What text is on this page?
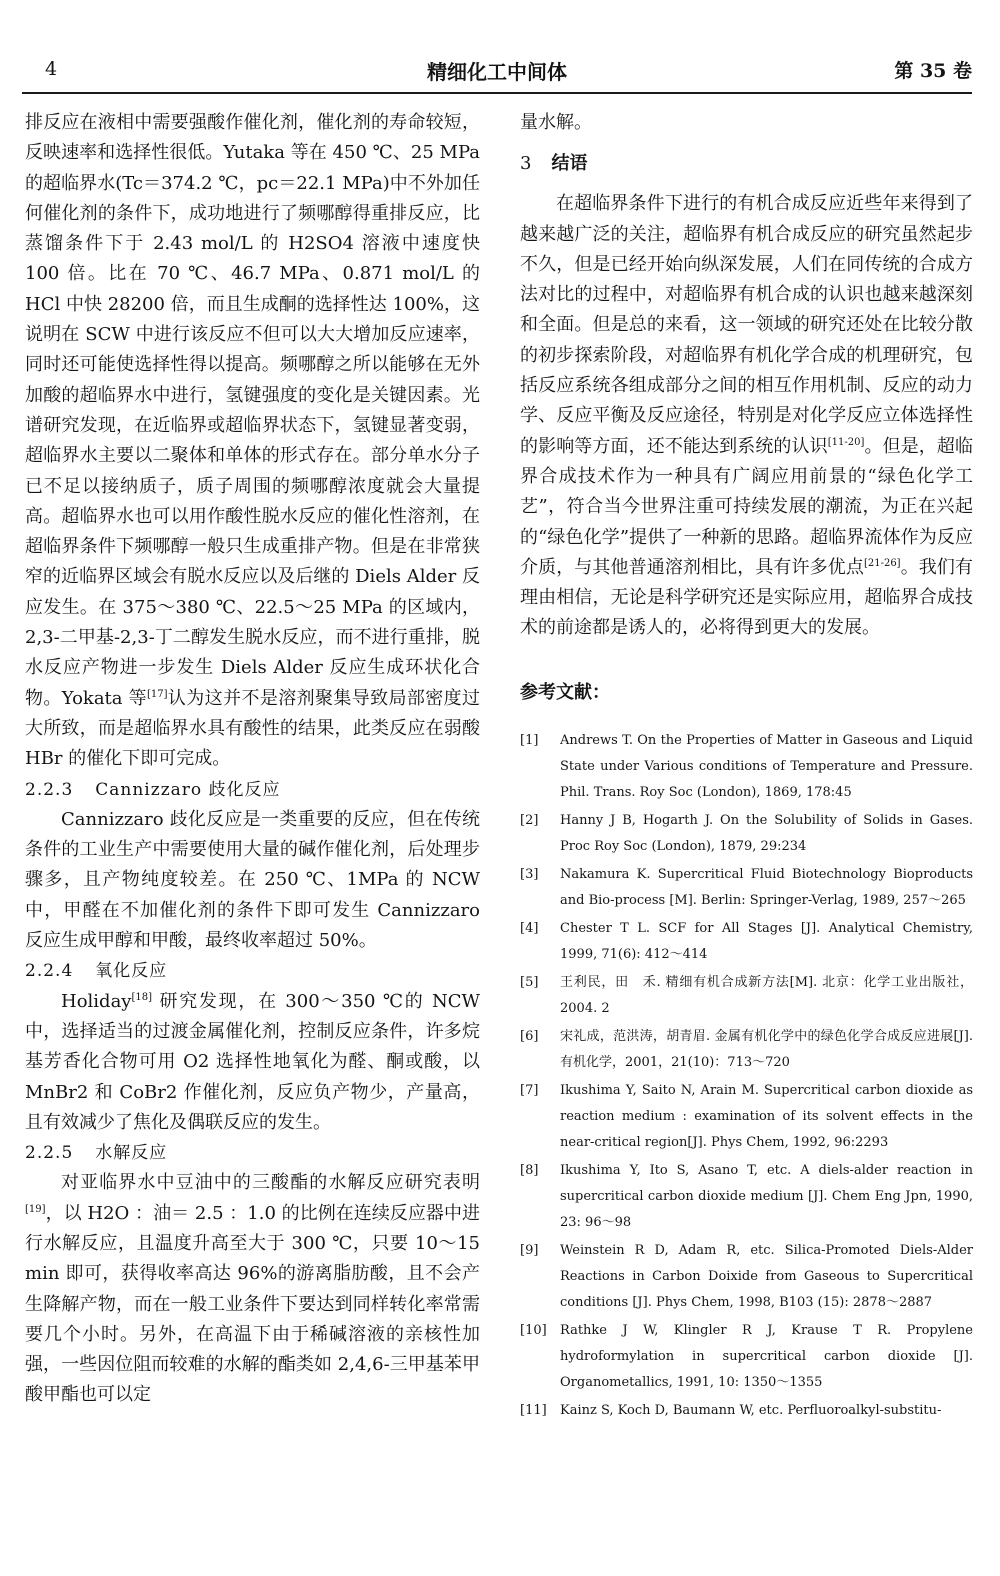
4	精细化工中间体	第 35 卷

排反应在液相中需要强酸作催化剂，催化剂的寿命较短，反映速率和选择性很低。Yutaka 等在 450 ℃、25 MPa 的超临界水(Tc＝374.2 ℃，pc＝22.1 MPa)中不外加任何催化剂的条件下，成功地进行了频哪醇得重排反应，比蒸馏条件下于 2.43 mol/L 的 H2SO4 溶液中速度快 100 倍。比在 70 ℃、46.7 MPa、0.871 mol/L 的 HCl 中快 28200 倍，而且生成酮的选择性达 100%，这说明在 SCW 中进行该反应不但可以大大增加反应速率，同时还可能使选择性得以提高。频哪醇之所以能够在无外加酸的超临界水中进行，氢键强度的变化是关键因素。光谱研究发现，在近临界或超临界状态下，氢键显著变弱，超临界水主要以二聚体和单体的形式存在。部分单水分子已不足以接纳质子，质子周围的频哪醇浓度就会大量提高。超临界水也可以用作酸性脱水反应的催化性溶剂，在超临界条件下频哪醇一般只生成重排产物。但是在非常狭窄的近临界区域会有脱水反应以及后继的 Diels Alder 反应发生。在 375～380 ℃、22.5～25 MPa 的区域内，2,3-二甲基-2,3-丁二醇发生脱水反应，而不进行重排，脱水反应产物进一步发生 Diels Alder 反应生成环状化合物。Yokata 等[17]认为这并不是溶剂聚集导致局部密度过大所致，而是超临界水具有酸性的结果，此类反应在弱酸 HBr 的催化下即可完成。

2.2.3 Cannizzaro 歧化反应

Cannizzaro 歧化反应是一类重要的反应，但在传统条件的工业生产中需要使用大量的碱作催化剂，后处理步骤多，且产物纯度较差。在 250 ℃、1MPa 的 NCW 中，甲醛在不加催化剂的条件下即可发生 Cannizzaro 反应生成甲醇和甲酸，最终收率超过 50%。

2.2.4 氧化反应

Holiday[18] 研究发现，在 300～350 ℃的 NCW 中，选择适当的过渡金属催化剂，控制反应条件，许多烷基芳香化合物可用 O2 选择性地氧化为醛、酮或酸，以 MnBr2 和 CoBr2 作催化剂，反应负产物少，产量高，且有效减少了焦化及偶联反应的发生。

2.2.5 水解反应

对亚临界水中豆油中的三酸酯的水解反应研究表明[19]，以 H2O ：油＝ 2.5 ：1.0 的比例在连续反应器中进行水解反应，且温度升高至大于 300 ℃，只要 10～15 min 即可，获得收率高达 96%的游离脂肪酸，且不会产生降解产物，而在一般工业条件下要达到同样转化率常需要几个小时。另外，在高温下由于稀碱溶液的亲核性加强，一些因位阻而较难的水解的酯类如 2,4,6-三甲基苯甲酸甲酯也可以定

量水解。

3 结语

在超临界条件下进行的有机合成反应近些年来得到了越来越广泛的关注，超临界有机合成反应的研究虽然起步不久，但是已经开始向纵深发展，人们在同传统的合成方法对比的过程中，对超临界有机合成的认识也越来越深刻和全面。但是总的来看，这一领域的研究还处在比较分散的初步探索阶段，对超临界有机化学合成的机理研究，包括反应系统各组成部分之间的相互作用机制、反应的动力学、反应平衡及反应途径，特别是对化学反应立体选择性的影响等方面，还不能达到系统的认识[11-20]。但是，超临界合成技术作为一种具有广阔应用前景的“绿色化学工艺”，符合当今世界注重可持续发展的潮流，为正在兴起的“绿色化学”提供了一种新的思路。超临界流体作为反应介质，与其他普通溶剂相比，具有许多优点[21-26]。我们有理由相信，无论是科学研究还是实际应用，超临界合成技术的前途都是诱人的，必将得到更大的发展。

参考文献：

[1]	Andrews T. On the Properties of Matter in Gaseous and Liquid State under Various conditions of Temperature and Pressure. Phil. Trans. Roy Soc (London), 1869, 178:45
[2]	Hanny J B, Hogarth J. On the Solubility of Solids in Gases. Proc Roy Soc (London), 1879, 29:234
[3]	Nakamura K. Supercritical Fluid Biotechnology Bioproducts and Bio-process [M]. Berlin: Springer-Verlag, 1989, 257～265
[4]	Chester T L. SCF for All Stages [J]. Analytical Chemistry, 1999, 71(6): 412～414
[5]	王利民，田　禾. 精细有机合成新方法[M]. 北京：化学工业出版社，2004. 2
[6]	宋礼成，范洪涛，胡青眉. 金属有机化学中的绿色化学合成反应进展[J]. 有机化学，2001，21(10)：713～720
[7]	Ikushima Y, Saito N, Arain M. Supercritical carbon dioxide as reaction medium : examination of its solvent effects in the near-critical region[J]. Phys Chem, 1992, 96:2293
[8]	Ikushima Y, Ito S, Asano T, etc. A diels-alder reaction in supercritical carbon dioxide medium [J]. Chem Eng Jpn, 1990, 23: 96～98
[9]	Weinstein R D, Adam R, etc. Silica-Promoted Diels-Alder Reactions in Carbon Doixide from Gaseous to Supercritical conditions [J]. Phys Chem, 1998, B103 (15): 2878～2887
[10]	Rathke J W, Klingler R J, Krause T R. Propylene hydroformylation in supercritical carbon dioxide [J]. Organometallics, 1991, 10: 1350～1355
[11]	Kainz S, Koch D, Baumann W, etc. Perfluoroalkyl-substitu-
